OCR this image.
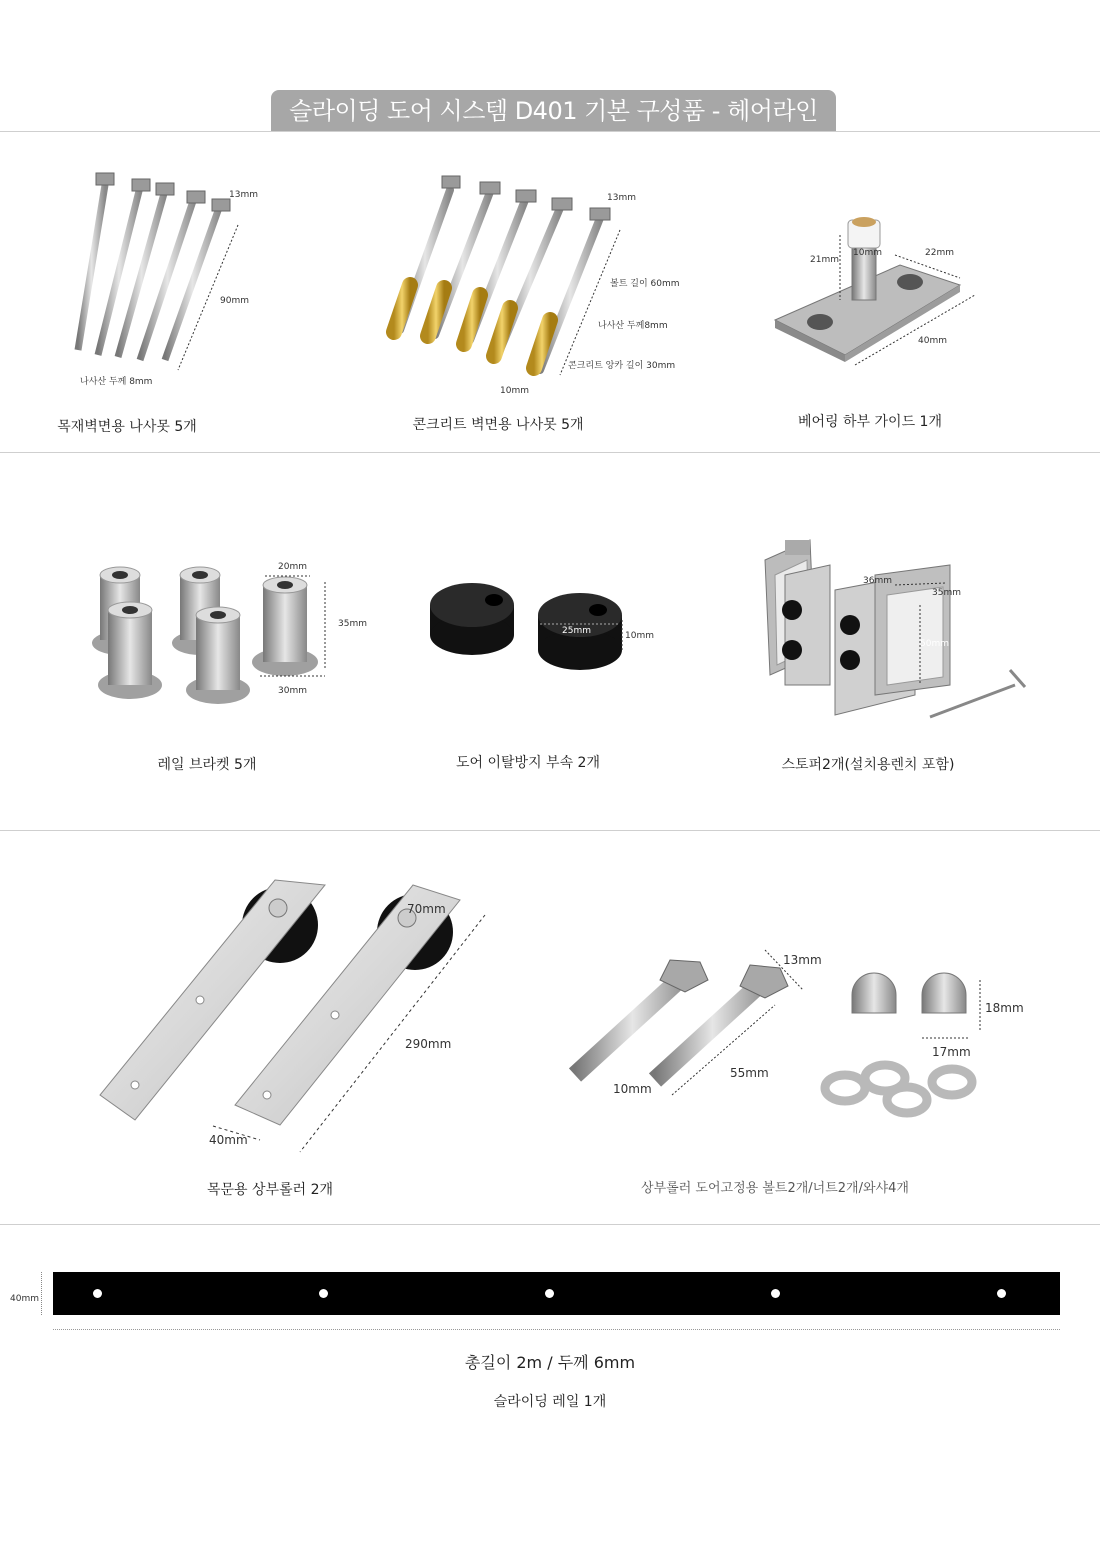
슬라이딩 도어 시스템 D401 기본 구성품 - 헤어라인
13mm
90mm
나사산 두께 8mm
목재벽면용 나사못 5개
13mm
볼트 길이 60mm
나사산 두께8mm
콘크리트 앙카 길이 30mm
10mm
콘크리트 벽면용 나사못 5개
21mm
10mm	22mm
40mm
베어링 하부 가이드 1개
20mm
35mm
30mm
레일 브라켓 5개
25mm	10mm
도어 이탈방지 부속 2개
36mm
35mm
50mm
스토퍼2개(설치용렌치 포함)
70mm
290mm
40mm
목문용 상부롤러 2개
13mm
18mm
17mm
10mm
55mm
상부롤러 도어고정용 볼트2개/너트2개/와샤4개
40mm
총길이 2m / 두께 6mm
슬라이딩 레일 1개
